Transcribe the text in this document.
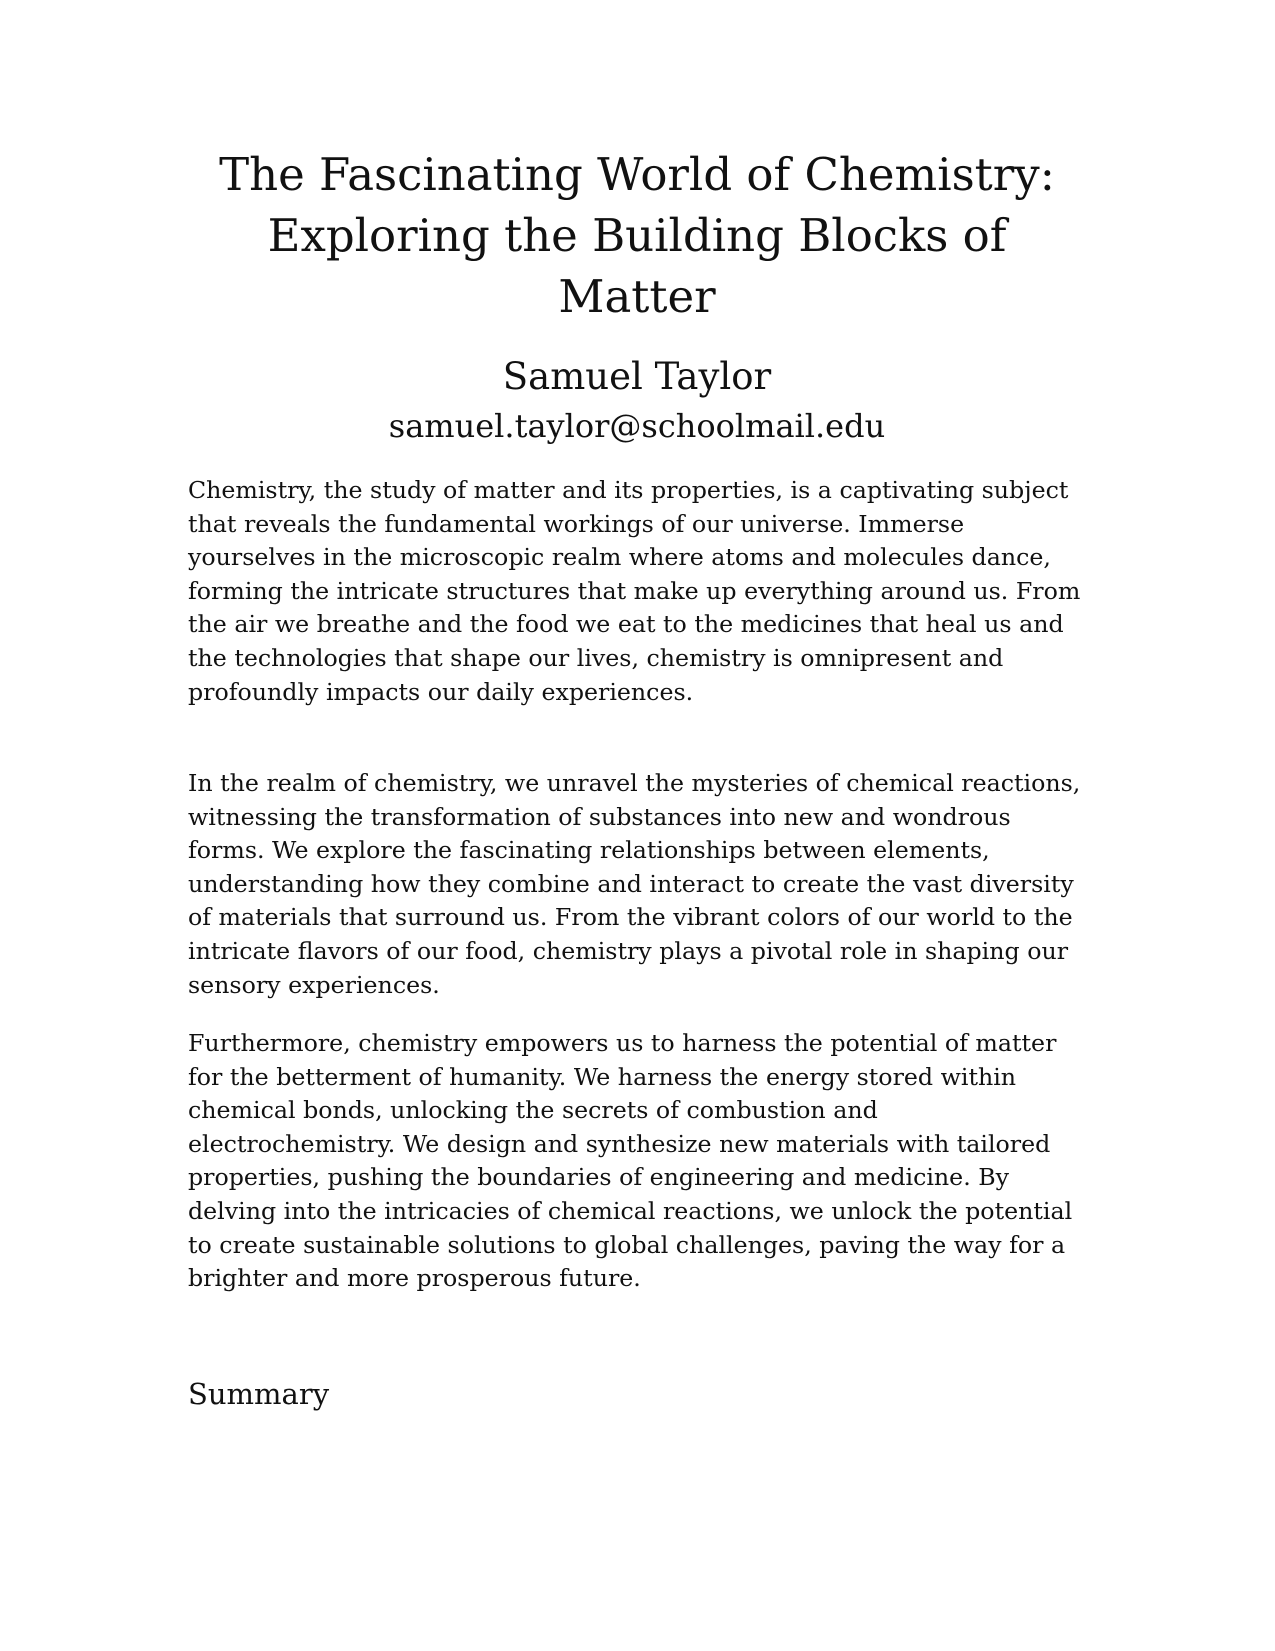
The Fascinating World of Chemistry: Exploring the Building Blocks of Matter
Samuel Taylor
samuel.taylor@schoolmail.edu

Chemistry, the study of matter and its properties, is a captivating subject that reveals the fundamental workings of our universe. Immerse yourselves in the microscopic realm where atoms and molecules dance, forming the intricate structures that make up everything around us. From the air we breathe and the food we eat to the medicines that heal us and the technologies that shape our lives, chemistry is omnipresent and profoundly impacts our daily experiences.

In the realm of chemistry, we unravel the mysteries of chemical reactions, witnessing the transformation of substances into new and wondrous forms. We explore the fascinating relationships between elements, understanding how they combine and interact to create the vast diversity of materials that surround us. From the vibrant colors of our world to the intricate flavors of our food, chemistry plays a pivotal role in shaping our sensory experiences.

Furthermore, chemistry empowers us to harness the potential of matter for the betterment of humanity. We harness the energy stored within chemical bonds, unlocking the secrets of combustion and electrochemistry. We design and synthesize new materials with tailored properties, pushing the boundaries of engineering and medicine. By delving into the intricacies of chemical reactions, we unlock the potential to create sustainable solutions to global challenges, paving the way for a brighter and more prosperous future.

Summary
